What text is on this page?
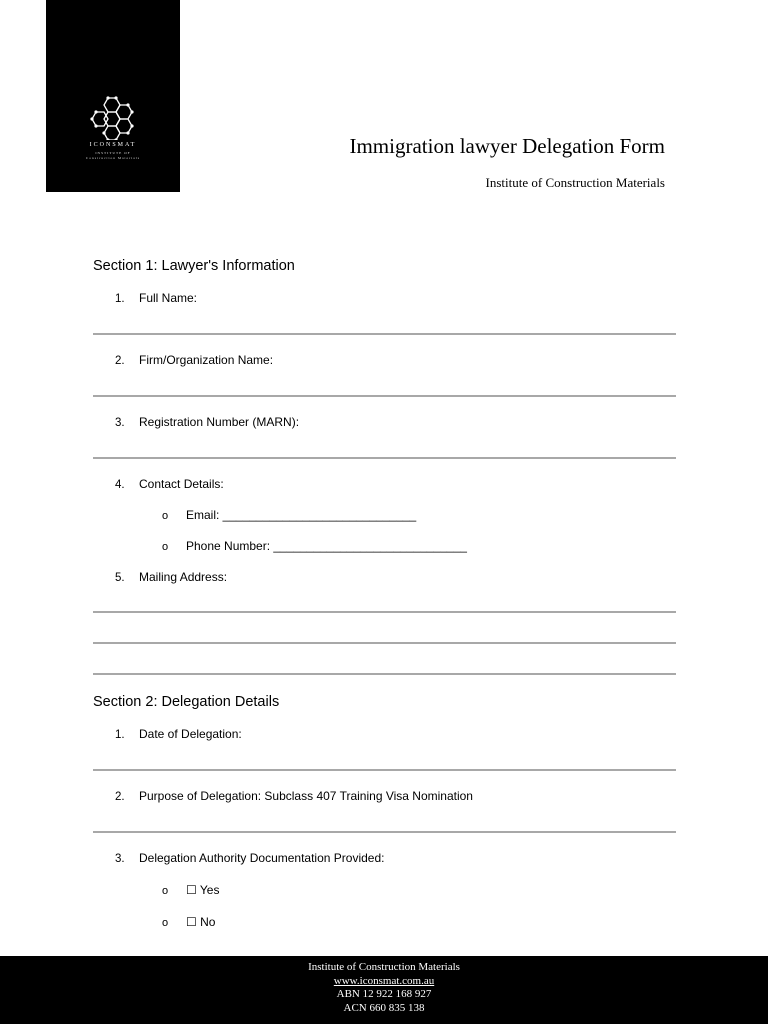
ICONSMAT
INSTITUTE OF
Construction Materials	Immigration lawyer Delegation Form
Institute of Construction Materials
Section 1: Lawyer's Information
1. Full Name:
2. Firm/Organization Name:
3. Registration Number (MARN):
4. Contact Details:
o Email: _____________________________
o Phone Number: _____________________________
5. Mailing Address:
Section 2: Delegation Details
1. Date of Delegation:
2. Purpose of Delegation: Subclass 407 Training Visa Nomination
3. Delegation Authority Documentation Provided:
o ☐ Yes
o ☐ No
Institute of Construction Materials
www.iconsmat.com.au
ABN 12 922 168 927
ACN 660 835 138
